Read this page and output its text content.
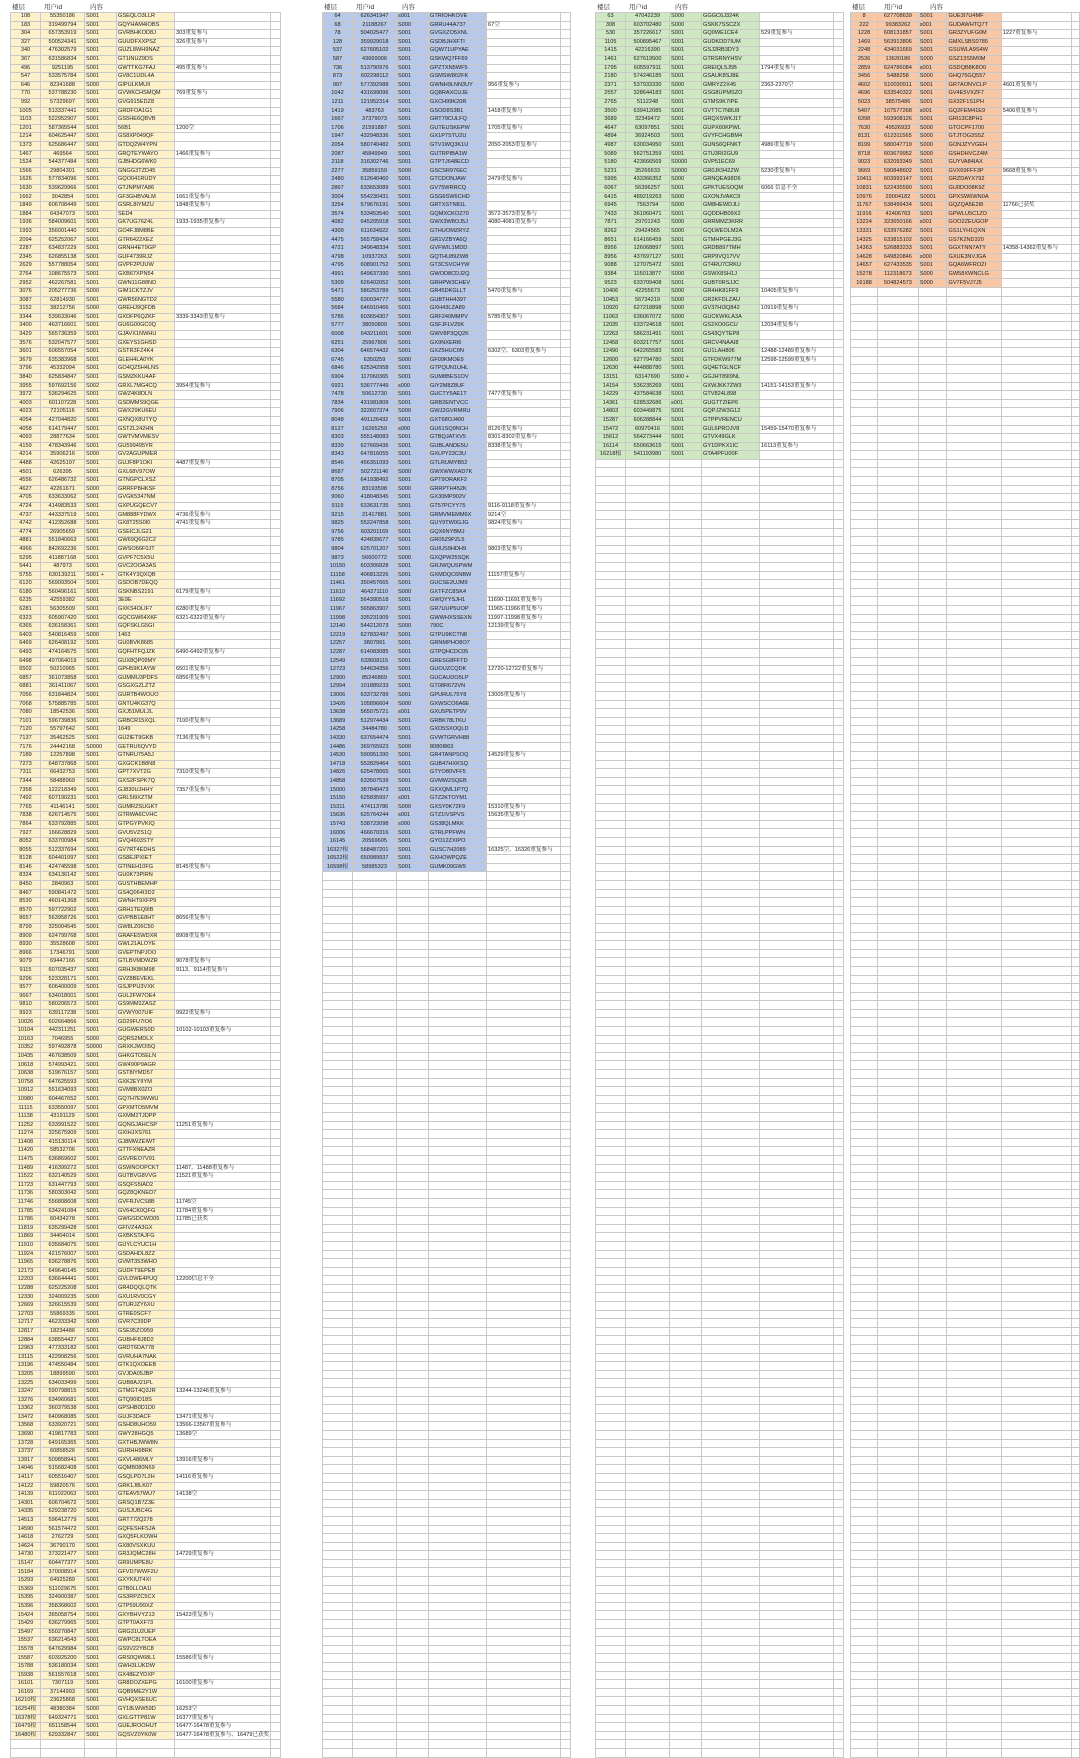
楼层	用户id	内容
108	55350186	S001	GSEQLO3LLR		
183	319499794	S001	GQYHAM4IOBS		
304	657353919	S001	GVRBHKOD8J	303重复参与	
327	500524341	S001	GUUDFXXPSZ	326重复参与	
340	476302579	S001	GUZL8WH9NAZ		
367	631586834	S001	GT1INUZ9DS		
496	9251195	S001	GWTTKG7FAJ	495重复参与	
547	533575784	S001	GV8C1UDL4A		
646	82341688	S000	GIPULKMUII		
770	537788230	S001	GVWKCHSMQM	769重复参与	
992	57329697	S001	GVG915EDZ8		
1005	513337441	S001	GRDFOA1G1		
1103	522952907	S001	GS5HE6QBVB		
1201	587365544	S001	56B1	1200空	
1214	604625447	S001	GS8XP049QF		
1373	625686447	S001	GTDQ2W4YPN		
1467	469564	S001	GRQTEYWAYO	1466重复参与	
1524	544377484	S001	GJBHDG6WK0		
1566	29804301	S001	GNGG3TZD45		
1626	577834096	S001	GQO041RUDY		
1630	539629966	S001	GTJNPM7A86		
1662	3042854	S001	GF3GHBVALM	1661重复参与	
1849	606708449	S001	GSRL8IYMZU	1848重复参与	
1884	64347073	S001	SED4		
1936	584009601	S001	GK7UG76Z4L	1933-1935重复参与	
1993	356001440	S001	GO4FJ8M8BE		
2094	625252067	S001	GTR6422XEZ		
2287	634837229	S001	GRNH4ET9GP		
2345	626855138	S001	GUF4739RJZ		
2629	557788054	S001	GVPF2PIJUW		
2764	108675573	S001	GXB67XPN54		
2952	462267581	S001	GWN11G88ND		
3076	205277736	S000	GIM1CKTZJV		
3087	62814930	S001	GWR56NGTD2		
3152	38212756	S000	GREHJ9QFDB		
3344	539633046	S001	GXDFP6QZKF	3339-3343重复参与	
3400	463716601	S001	GU6G00GC0Q		
3429	565736359	S001	GJAVX1NWHU		
3576	532047577	S001	GXEYS1GHSD		
3601	606557054	S001	GSTR3FZ4K4		
3679	635383968	S001	GLEH4LA0YK		
3796	45332094	S001	GO4QZ5H4LNS		
3840	625834847	S001	GSMZKKU4AF		
3955	597692156	S002	GRXL7MG4CQ	3954重复参与	
3972	536294625	S001	GWZ4K8DLN		
4003	601107228	S001	GSDMMS9QGE		
4023	72105116	S001	GWX29KU6EU		
4054	427044820	S001	GXNQX8UTYQ		
4058	614179447	S001	GSTZL242HN		
4093	28877634	S001	GWTVMVMESV		
4159	478343946	S001	GU599495YR		
4214	35906216	S000	GV2AGUPMER		
4488	42625197	S001	GUJF8P1OKI	4487重复参与	
4501	626395	S001	GXL68V97OW		
4556	626486732	S001	GTNGPCLXSZ		
4627	42261671	S000	GRRFP8HKSF		
4705	633633062	S001	GVGK5347NM		
4724	414983533	S001	GXPUGQECV7		
4737	443337519	S001	GM888FYDWX	4736重复参与	
4742	412352688	S001	GX8T25S0I0	4741重复参与	
4774	26905659	S001	GSEICJLG21		
4881	551840663	S001	GW69Q6G2C2		
4966	842692236	S001	GWSO66F0JT		
5295	411887168	S001	GVPF7C5X5U		
5441	487973	S001	GVC2OOA3AS		
5755	630139211	S001 +	GTK4Y3QXQB		
6120	569093504	S001	GSDOB7DEQQ		
6180	560496161	S001	GSKNBS2191	6179重复参与	
6235	42559382	S001	3E9E		
6281	56305509	S001	GXKS4OLIF7	6280重复参与	
6323	605907420	S001	GQCGW64XKF	6321-6322重复参与	
6365	636158361	S001	GQFSKLG5GI		
6403	540816459	S000	1463		
6469	626408192	S001	GU0BVK8685		
6493	474164575	S001	GQFHTFQJZK	6490-6492重复参与	
6498	497064019	S001	GUX8QP09MY		
6502	50210965	S001	GPH59K1AYW	6501重复参与	
6857	361073858	S001	GUMMU3PDFS	6856重复参与	
6881	361411067	S001	GSGXGZLZTZ		
7056	631844824	S001	GURTB4WOUO		
7068	575885785	S001	GNTU4KG37Q		
7080	18542536	S001	GXJ51MUL2L		
7101	596739836	S001	GRBCR15XQL	7100重复参与	
7120	55797642	S001	1649		
7137	35462525	S001	GU2IET9GKB	7136重复参与	
7176	24442168	S0000	GETRU6QVYD		
7189	12257898	S001	GTNRU75A5J		
7273	648737868	S001	GXGCK1B8N8		
7311	66432753	S001	GPT7XVT2G	7310重复参与	
7344	58488969	S001	GXS2FSPK7Q		
7358	122218349	S001	GJ830UJHHY	7357重复参与	
7492	607190231	S001	GRL5I9XZTM		
7765	41146141	S001	GUMRZSUGKT		
7838	626714575	S001	GTRWA6CVHC		
7864	633792885	S001	GTPGYPVKIQ		
7927	166628829	S001	GVU5VZS1Q		
8052	633700984	S001	GVQ4603STY		
8055	512337694	S001	GV7RT4EDHS		
8128	604401097	S001	GS8EJPXIET		
8146	424745598	S001	GTINEH10FG	8145重复参与	
8324	634136142	S001	GU0K73PIRN		
8450	2840963	S001	GUSTHBEMHP		
8467	590841472	S001	GS4Q064I3D2		
8530	460141368	S001	GWNHT9XFP9		
8570	597722902	S001	GRH1TEQ9IB		
8657	563958726	S001	GVPBB1E8HT	8656重复参与	
8799	325004545	S001	GW8LZ06C50		
8909	624799768	S001	GRAFE5WDXR	8908重复参与	
8930	35528608	S001	GWL21ALOYE		
8966	17346791	S000	GVEPTNPJOO		
9079	69447166	S001	GTLBVMDWZR	9078重复参与	
9115	607035437	S001	GRHJK8KM98	9113、9114重复参与	
9296	523328171	S001	GVZ8BEVEKL		
9577	606400009	S001	GSJPPU3VXK		
9667	634018001	S001	GUL2FW7OE4		
9810	580206573	S001	GS9MM2ZASZ		
9923	639117238	S001	GVWY007UIF	9922重复参与	
10026	602664866	S001	GD29FU7IO6		
10104	442311251	S001	GUGWERS0D	10102-10103重复参与	
10163	7046955	S000	GQRS2MDLX		
10352	597492878	S0000	GRXKJWOI5Q		
10435	467638509	S001	GHKGTO5ELN		
10618	574993421	S001	GW490P9AGR		
10638	519676157	S001	GST8IYMD57		
10758	647625593	S001	GXK2EYIIYM		
10912	551634093	S001	GVM8BX0ZO		
10980	604467652	S001	GQ7H7E9WWU		
11115	633550097	S001	GPXMTO5MVM		
11138	43191129	S001	GXMM2TJDPP		
11252	633991522	S001	GQNGJAHCSP	11251重复参与	
11274	325675909	S001	GXIHJXS761		
11408	415130114	S001	GJ8MWZEIWT		
11420	58532706	S001	GTTFXNEAZR		
11475	636869602	S001	GSVREO7V91		
11489	416399272	S001	GSWNOOPCKT	11487、11488重复参与	
11522	632140529	S001	GUTBVG8VVG	11521重复参与	
11723	631447793	S001	GSQFS5IAD2		
11736	580303042	S001	GQZ8QKNED7		
11746	556808608	S001	GVFRJVCS8B	11745空	
11785	634241084	S001	GV64CK0QFG	11784重复参与	
11786	60434278	S001	GWGSDCWD05	11785已获奖	
11819	635299428	S001	GFIVZ4A3GX		
11869	34404014	S001	GXBKSTAJFG		
11910	635684075	S001	GUYLCYUC1H		
11924	421576007	S001	GSDAHDL8ZZ		
11965	636278876	S001	GVMT353WHO		
12173	649640145	S001	GUDFT9EPEB		
12203	636644441	S001	GVLDWE4PUQ	12200信息不全	
12288	625225208	S001	GR4DQQLQTK		
12330	324009235	S000	GXU1RV0CGY		
12669	326615539	S001	GTURJZY6XU		
12703	55869335	S001	GTRE0SCF7		
12717	462333342	S000	GVR7C39DP		
12817	18234486	S001	GSE95ZO959		
12884	638554427	S001	GUBHF8J8D2		
12963	477333182	S001	GRDT6DA778		
13115	422908256	S001	GVRUHA7NAK		
13196	474550484	S001	GTK1QXOEEB		
13205	18899590	S001	GVJDA05JBP		
13225	634033499	S001	GUB8AJ21PL		
13247	590798815	S001	GTMGT4Q3JR	13244-13246重复参与	
13276	634960681	S001	GTQ90ID18S		
13362	360379538	S001	GPSHB0D1D0		
13472	640968085	S001	GUJF3DACF	13471重复参与	
13568	633920721	S001	GSHD8UHO59	13566-13567重复参与	
13690	419817783	S001	GWY28HGQ5	13689空	
13728	649165365	S001	GXTHBJWW8N		
13737	60858526	S001	GURHH98RK		
13917	509858941	S001	GXVL486MLY	13916重复参与	
14046	515682408	S001	GQMB080N69		
14117	605516407	S001	GSQLPD7L2H	14116重复参与	
14122	59820576	S001	GRK1J8LK07		
14139	611022063	S001	GTEAV57WU7	14138空	
14301	606704672	S001	GRSQ1B7Z3E		
14335	629238720	S001	GUSJUBC4G		
14513	596412779	S001	GRT772Q278		
14590	561574472	S001	GQFESHFSJA		
14618	2762729	S001	GXQ5FLKOWH		
14624	36790170	S001	GX80VSXKUU		
14730	373221477	S001	GR3JQMC28H	14729重复参与	
15147	604477377	S001	GR9UMPE8U		
15184	370008914	S001	GFVD7WWF2U		
15293	64925289	S001	GXYKIUT4XI		
15369	511029675	S001	GTB0LLOA1I		
15395	324900387	S001	GS3RPZC5CX		
15396	358368602	S001	GTP59U99XZ		
15424	365058754	S001	GXYBHVYZ13	15423重复参与	
15429	636279965	S001	GTPT0AXF73		
15497	550270847	S001	GRG31U2UEP		
15537	636214543	S001	GWPC8LTOEA		
15578	647629984	S001	GS9V22YBC8		
15587	603925200	S001	GRS0QW68L1	15586重复参与	
15788	536180034	S001	GWH3LUKDW		
15938	561557618	S001	GX48EZYDXP		
16101	7307119	S001	GR8DOZXEPG	16100重复参与	
16169	37144993	S001	GQB9ME2Y1W		
16210根	23625868	S001	GVHQXSE6UC		
16254根	48380384	S000	GY18LWW59D	16253空	
16378根	649324771	S001	GXLGTTP81W	16377重复参与	
16479根	651158544	S001	GUEJROOHUT	16477-16478重复参与	
16480根	629332847	S001	GQSVZ0YK0W	16477-16478重复参与、16479已获奖	

楼层	用户id	内容
64	626341947	s001	GTRIOHKOVE		
68	21188267	S000	GRRU44A737	67空	
78	504025477	S001	GVGXZO5XNL		
128	359929018	S001	GSDBJHXFTI		
537	627605102	S001	GQW71UPYAE		
587	43669006	S001	GSKWQ7FF69		
736	513790976	S001	GPZTXN5WF5		
873	602298112	S001	GSMSW802FK		
907	577392988	S001	GWNH9LNN3UY	956重复参与	
1042	431699096	S001	GQ8RAXCUJE		
1211	121952314	S001	GXCH99K20R		
1419	483763	S001	GSOD8S3B1	1418重复参与	
1667	37379073	S001	GRT79CULFQ		
1706	21591887	S001	GUTEUSKEPW	1705重复参与	
1947	432948336	S001	GX1P7STU2U		
2054	580740482	S001	GTV1WQ3K1U	2050-2053重复参与	
2087	45849949	S001	GUTRPIBA1W		
2118	316302746	S001	GTPTJ648ECD		
2277	35859159	S000	GSCSR976EC		
2480	612640460	S001	GTCDONJAW	2479重复参与	
2867	633653089	S001	GV75WRRCQ		
3004	554230431	S001	GSG6SW6CHD		
3254	579676191	S001	GRTXSTN81L		
3574	533453540	S001	GQMXCKOZ70	3572-3573重复参与	
4082	645205918	S001	GWX3W8OJ5J	4080-4081重复参与	
4309	611634922	S001	GTHUOMZRYZ		
4475	565758434	S001	GR1VZBYA6Q		
4721	349648334	S001	GVFWIL1MDD		
4798	10937263	S001	GQTHU89ZW8		
4795	608901752	S001	GT3CSVCHYW		
4991	649637390	S001	GWOD8CDJ2Q		
5309	626402052	S001	GRHPW3CHEV		
5471	586253789	S001	GR45DKGLLT	5470重复参与	
5580	630034777	S001	GUBTHH4397		
5684	646910466	S001	GXH43LZA89		
5786	603654307	S001	GRF240MMPV	5785重复参与	
5777	38050809	S001	GSFJFLV25K		
6008	643211601	S000	GWV8P3QQ2K		
6251	25967806	S001	GX9NXERI6		
6304	646574432	S001	GXZ5HUC0N	6302空、6303重复参与	
6745	6350259	S000	GF09KMOE9		
6846	625342958	S001	GTPQUN1UHL		
6904	117060365	S001	GUM8BES1OV		
6921	536777449	s000	GIY2M8Z8UF		
7478	50612730	S001	GUCTY5AE1T	7477重复参与	
7834	431981809	S001	GRB2ENTVCC		
7906	322607374	S000	GWJ2GVRMRU		
8048	491126432	S001	GXT68OJ400		
8127	16265259	s000	GU61SQ9NCH	8126重复参与	
8303	555148083	S001	GTBQJATXV5	8301-8302重复参与	
8339	627669436	S001	GUBLANDE5U	8338重复参与	
8343	647816055	S001	GXLPY23C3U		
8546	456351093	S001	GTLRUMYB52		
8687	502721146	S000	GWXWWXAD7K		
8705	641938492	S001	GPT9ORAKF2		
8756	83193598	S000	GRRPTH452K		
9060	418048345	S001	GX30MP902V		
9119	633631735	S001	GT57PCYY75	9116-9118重复参与	
9215	21417881	S001	GRMVMEMM6X	9214空	
9825	552247858	S001	GUY9TW0GJG	9824重复参与	
9756	603201169	S001	GQX6NYBMJ		
9785	424839677	S001	GR05Z9PZL5		
9804	625701207	S001	GUIUS9HDH9	9803重复参与	
9873	56600772	S000	GXQPW25SQK		
10150	603306828	S001	GRJWQUSPWM		
11158	406813226	S001	GXMDQC6NBW	11157重复参与	
11461	350457665	S001	GUCSE2UJM9		
11610	464271110	S000	GXTFZC8SK4		
11692	564390518	S001	GWQYYSJH1	11690-11691重复参与	
11967	565863907	S001	GR7UUP5UOP	11965-11966重复参与	
11998	335231909	S001	GWWHXSSEXN	11997-11998重复参与	
12140	544212073	S000	790C	12139重复参与	
12219	627832497	S001	GTPU9KCTN8		
12257	3807991	S001	GRNMPHO8O7		
12287	614083085	S001	GTPQHCDC05		
12549	633608115	S001	GRESG8FFTD		
12723	544634356	S001	GUOUZCQDK	12720-12722重复参与	
12900	85246869	S001	GUCAUDO5LP		
12994	101889233	S001	GT08R672VN		
13006	633732789	S001	GPURUL75Y8	13005重复参与	
13426	105896604	S000	GXWSCO6A6E		
13638	565075721	s001	GXU5PETP9V		
13689	512974434	S001	GRBK78LTKU		
14258	34484780	S001	GXD5SXOQLD		
14330	637654474	S001	GVWTGRVH88		
14486	369765923	S000	8080I863		
14530	590951390	S001	GR4TANPSOQ	14529重复参与	
14718	552829464	S001	GUB47HXKSQ		
14826	625478065	S001	GTYO80VFF5		
14858	633507539	S001	GVMW2SQEB		
15000	387849473	S001	GXXQML1P7Q		
15150	625835997	s001	GTZ2KTOYM1		
15311	474113786	S000	GXSY0K72F9	15310重复参与	
15636	625764244	s001	GTZ1IVSPVS	15635重复参与	
15743	538723098	s000	GS38QLMKK		
16006	466670316	S001	GTRLPPFWN		
16145	20569605	S001	GYO12ZXIPO		
16327根	568487201	S001	GUSC7H2089	16325空、16326重复参与	
16522根	650989937	S001	GXHOWPQZE		
16598根	58985323	S001	GUMK09GW9		

楼层	用户id	内容
63	47042239	S000	GGGC6J324K		
308	603702480	S000	GSKK7SSCZX		
530	357226617	S001	GQ0WE1CE4	529重复参与	
1105	500895467	S001	GUDKDD7IUM		
1415	42216390	S001	GSJ2RB3DY3		
1461	627619500	S001	GTRSRNYHSV		
1795	605597911	S001	GREIQL5J5B	1794重复参与	
2180	574246185	S001	GSAUK8SJ8E		
2371	537933330	S000	GMRYZ2X45	2363-2370空	
2557	328644183	S001	GSG8UPMSZO		
2765	5112248	S001	GTMS9K7IPE		
3500	639412085	S001	GVTTC7N8U8		
3689	32349472	S001	GRQXSWKJ1T		
4647	63097851	S001	GUPX60KPWL		
4894	36924503	S001	GVYFCHGBM4		
4987	630034950	S001	GUNS6QFNKT	4986重复参与	
5089	562751359	S001	GTU3RI2GU9		
5180	423666569	S0000	GVP51EC69		
5231	35266633	S0000	GR0JK942ZW	5230重复参与	
5995	433366352	S000	GRNQEA98D6		
6067	56396257	S001	GPKTUESOQM	6066 信息不全	
6415	489219263	S000	GXONJVAKC9		
6945	7563794	S000	GM8HEWDJLI		
7433	361060471	S001	GQDDHB09X2		
7871	29701243	S000	GRRMMZ3KRR		
8262	29424565	S000	GQLWEOLM2A		
8651	614166459	S001	GTMHPGEJ3G		
8956	126068897	S001	GRDB897TMH		
8956	437697127	S001	GRP9VQ17VV		
9088	127075472	S001	GT4RU7CRKU		
9384	115013877	S000	GSWX8SH1J		
9523	633709408	S001	GUBT0RSJJC		
10406	42255673	S000	GR4HK81FF9	10405重复参与	
10453	56734219	S000	GR2KFDLZAU		
10920	627218898	S000	GV37HI3Q842	10919重复参与	
11063	636067072	S000	GUCKWKLA3A		
12035	633724618	S001	GS2XO0GCU	12034重复参与	
12263	586231491	S001	GS43QYTEP8		
12458	603217757	S001	GRCV4NAAI8		
12490	642265583	S001	GU1LAH806	12488-12489重复参与	
12600	627794780	S001	GTFDKW977M	12598-12599重复参与	
12630	444888780	S001	GQ4ETGLNCF		
13151	63147690	S000 +	GGJHT89I9NL		
14154	536235269	S001	GXWJKK7ZW3	14151-14153重复参与	
14229	437584638	S001	GTV824L898		
14361	628532686	s001	GUGTTZIEP6		
14803	603449875	S001	GQPJ2W3G12		
15287	606288844	S001	GTPPVRENCU		
15472	60970416	S001	GUL6PROJV8	15459-15470重复参与	
15612	564273444	S001	GTVX49GLK		
16114	650663615	S001	GY1DPKX1IC	16113重复参与	
16218根	541193980	S001	GTA4PFU00F		

楼层	用户id	内容
8	627708639	S001	GUE3I7U4MF		
222	99383262	s001	GUDAWHTQ7T		
1228	608131857	S001	GR3ZYUFG0M	1227重复参与	
1469	563913806	S001	GMXLSBS0785		
2248	434031669	S001	GSUWLA9S4W		
2536	13630186	S000	GSZ13S5M0M		
2859	624786084	s001	GSDQB8K8O0		
3456	5488258	S000	GHQ75GQ557		
4602	510030911	S001	GR7AONVCLP	4601重复参与	
4696	633540322	S001	GV4E5VXZF7		
5023	38575486	S001	GX32F1S1PH		
5407	107577268	s001	GQ2FEM41E9	5406重复参与	
6398	593908126	S001	GRI13C8PH1		
7630	49526933	S000	GTOCPF1700		
8131	612311565	S000	GTJTOG3S5Z		
8199	580047719	S000	GONJZYVGEH		
8718	603679952	S000	GSHDHVCZ4M		
9023	632093349	S001	GUYVA84IAX		
9669	590848602	S001	GVX69FFF3P	9668重复参与	
10411	603993147	S001	GRZDAYX792		
10831	522435590	S001	GU0DO08K9Z		
10976	29004182	S0001	GPXSW6WN0A		
11767	538499434	S001	GQZQA5E2I8	11766已获奖	
11916	42406763	S001	GPWLU5C1ZO		
13224	323650166	s001	GOO2ZEUGOP		
13331	633976282	S001	GS1LYH1QXN		
14325	633815102	S001	GS7K2ND320		
14363	526883233	S001	GGXTNN7ATY	14358-14362重复参与	
14628	649820846	s000	GXUE3NVJGA		
14657	627433535	S001	GQA6WFROZI		
15278	112318673	S000	GW58XWNCLG		
16188	504824573	S000	GV7F5VJ7J5		
